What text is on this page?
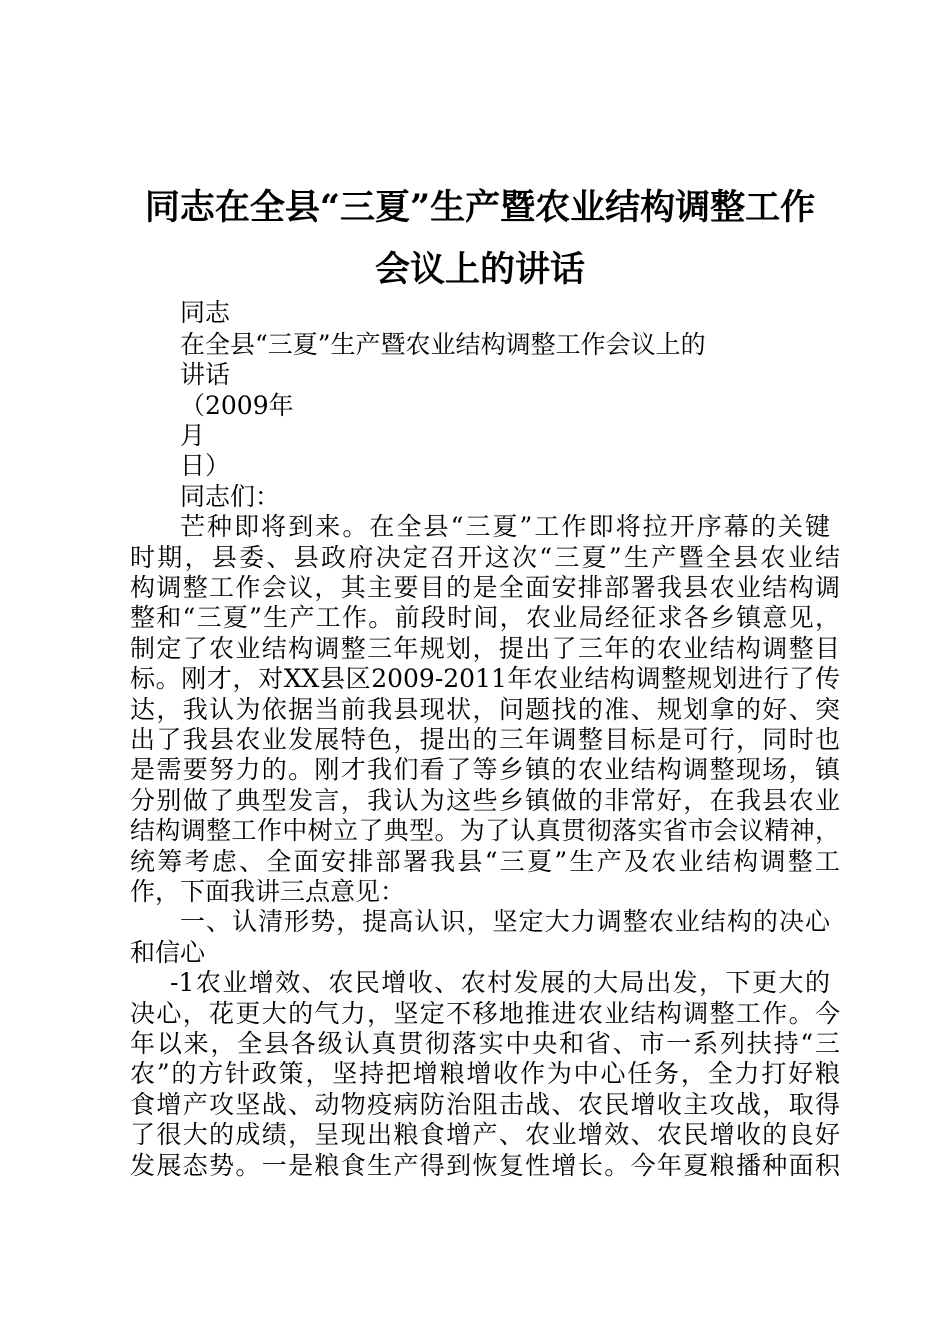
同志在全县“三夏”生产暨农业结构调整工作
会议上的讲话
同志
在全县“三夏”生产暨农业结构调整工作会议上的
讲话
（2009年
月
日）
同志们：
芒种即将到来。在全县“三夏”工作即将拉开序幕的关键
时期，县委、县政府决定召开这次“三夏”生产暨全县农业结
构调整工作会议，其主要目的是全面安排部署我县农业结构调
整和“三夏”生产工作。前段时间，农业局经征求各乡镇意见，
制定了农业结构调整三年规划，提出了三年的农业结构调整目
标。刚才，对XX县区2009-2011年农业结构调整规划进行了传
达，我认为依据当前我县现状，问题找的准、规划拿的好、突
出了我县农业发展特色，提出的三年调整目标是可行，同时也
是需要努力的。刚才我们看了等乡镇的农业结构调整现场，镇
分别做了典型发言，我认为这些乡镇做的非常好，在我县农业
结构调整工作中树立了典型。为了认真贯彻落实省市会议精神，
统筹考虑、全面安排部署我县“三夏”生产及农业结构调整工
作，下面我讲三点意见：
一、认清形势，提高认识，坚定大力调整农业结构的决心
和信心
-1农业增效、农民增收、农村发展的大局出发，下更大的
决心，花更大的气力，坚定不移地推进农业结构调整工作。今
年以来，全县各级认真贯彻落实中央和省、市一系列扶持“三
农”的方针政策，坚持把增粮增收作为中心任务，全力打好粮
食增产攻坚战、动物疫病防治阻击战、农民增收主攻战，取得
了很大的成绩，呈现出粮食增产、农业增效、农民增收的良好
发展态势。一是粮食生产得到恢复性增长。今年夏粮播种面积
